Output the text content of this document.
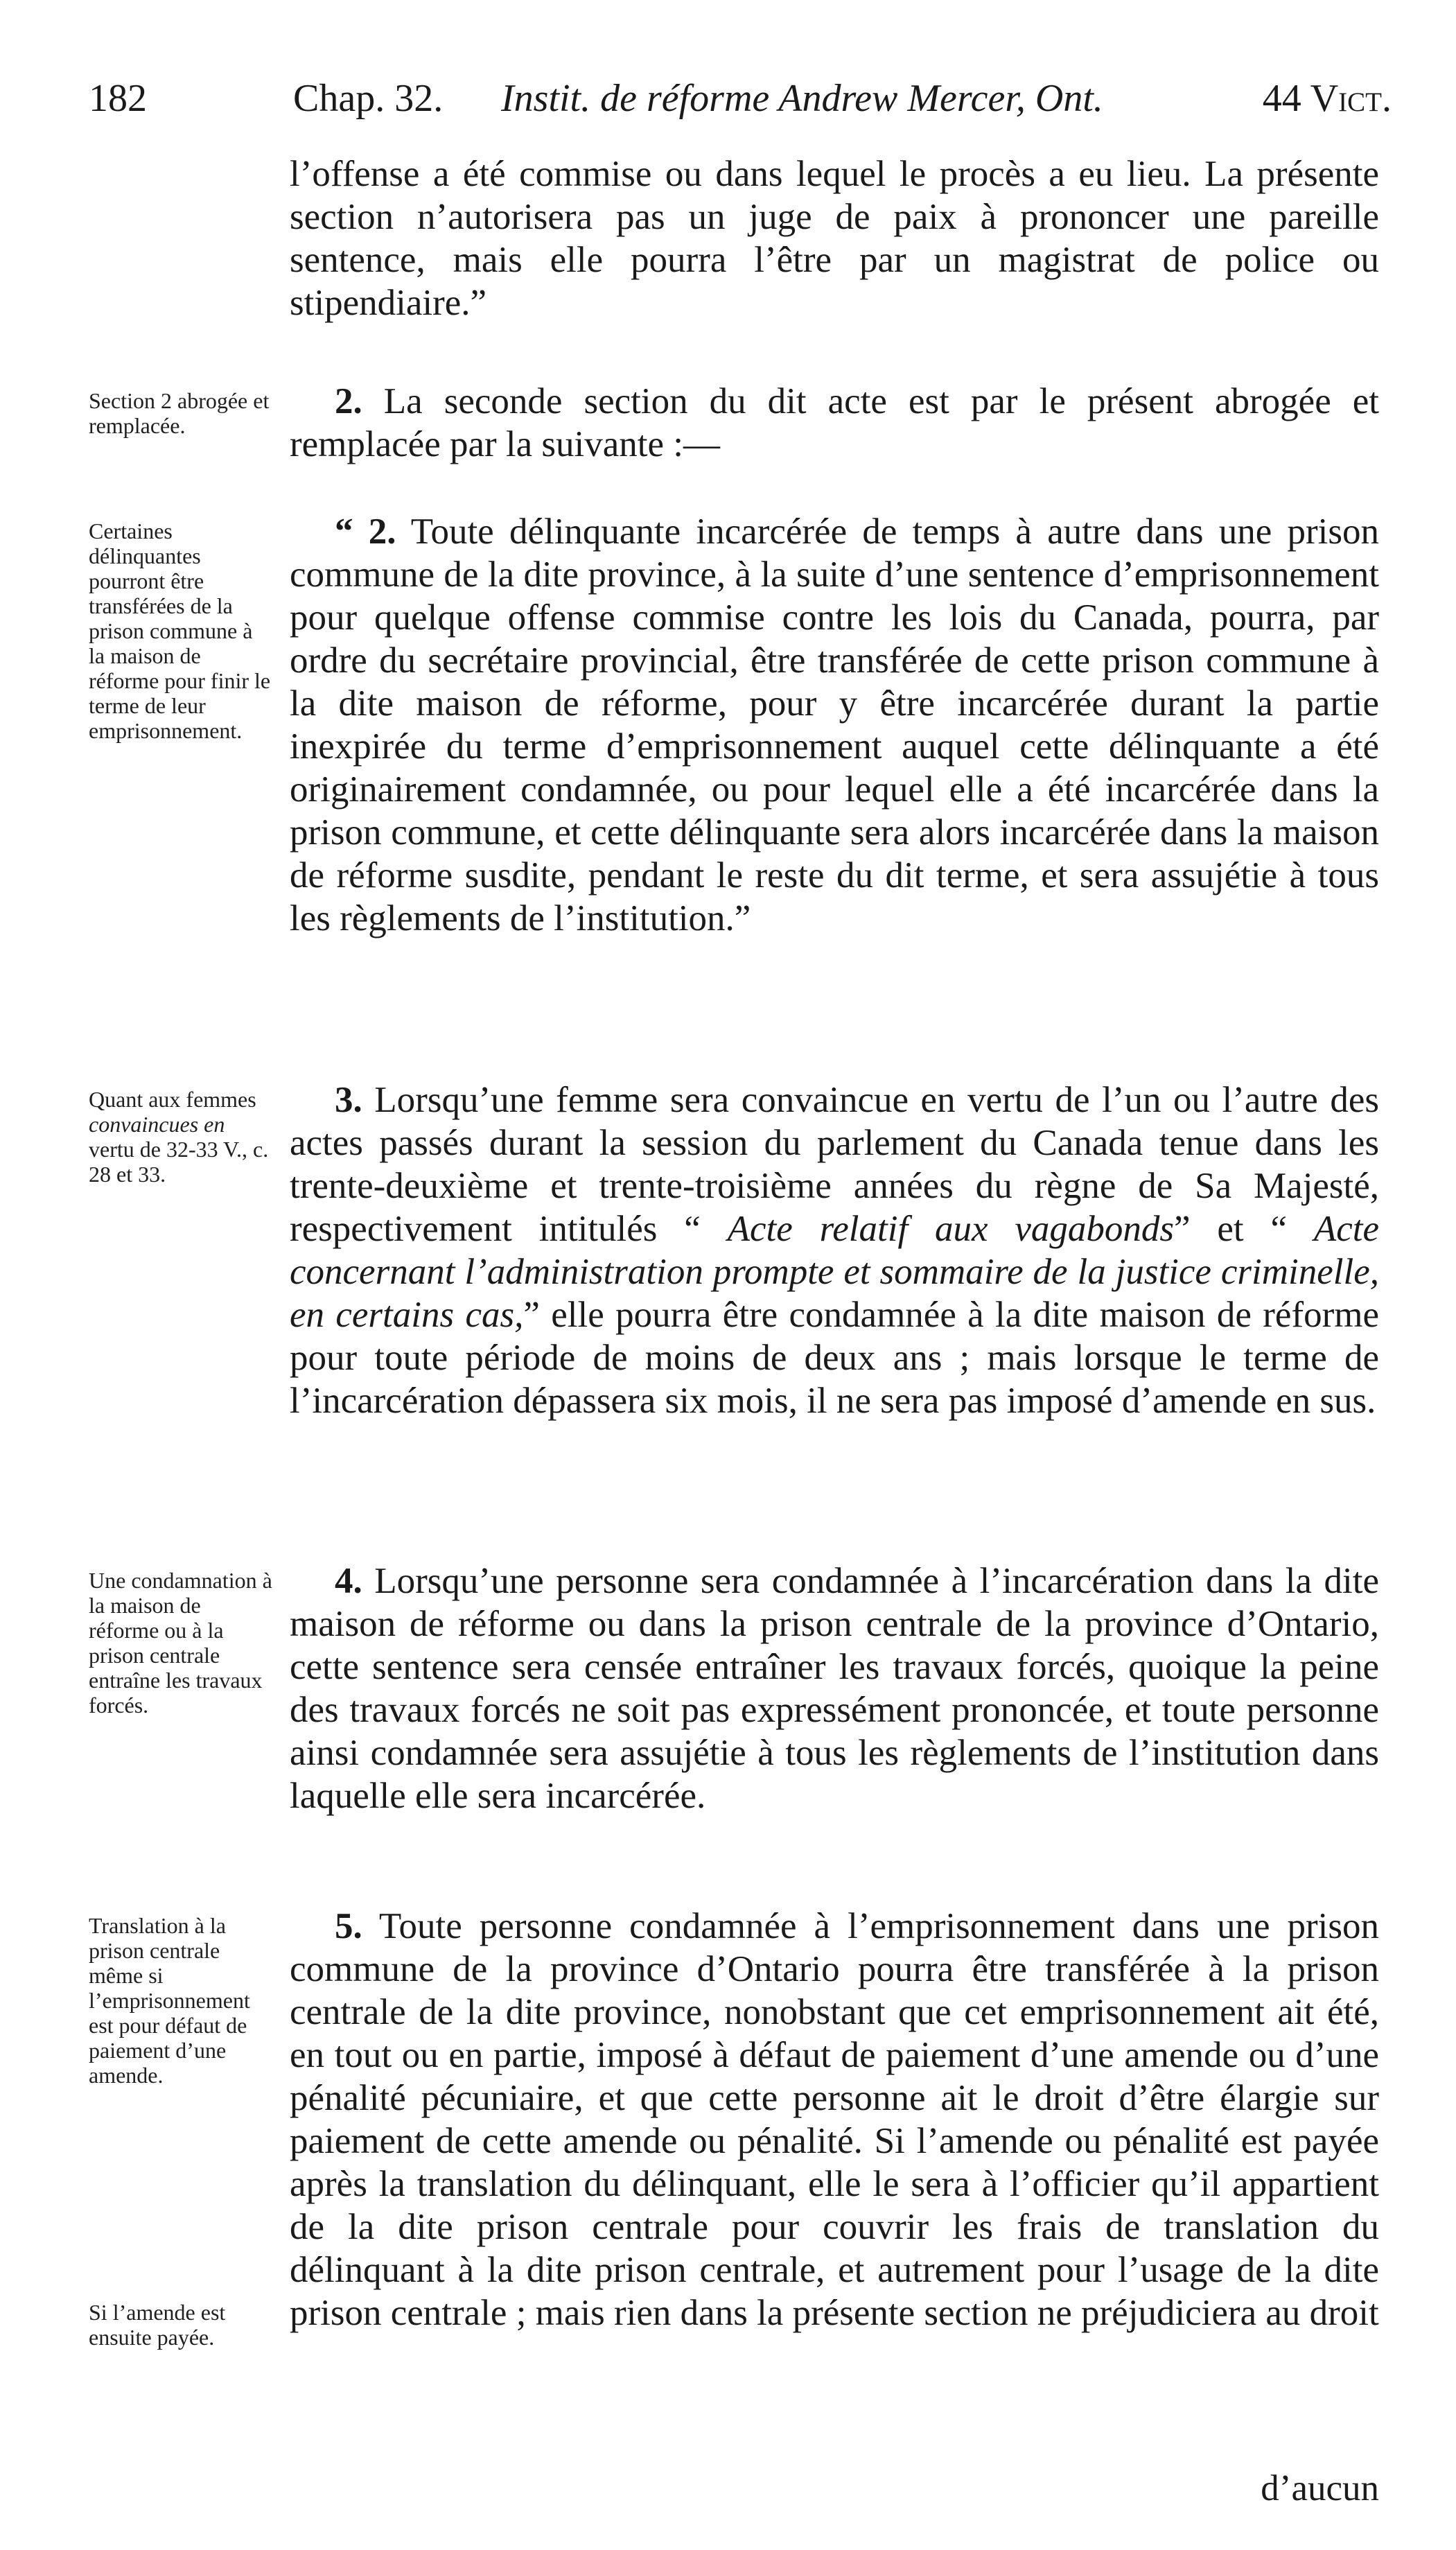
182	Chap. 32. Instit. de réforme Andrew Mercer, Ont.	44 Vict.
l’offense a été commise ou dans lequel le procès a eu lieu. La présente section n’autorisera pas un juge de paix à prononcer une pareille sentence, mais elle pourra l’être par un magistrat de police ou stipendiaire.”
Section 2 abrogée et remplacée.
2. La seconde section du dit acte est par le présent abrogée et remplacée par la suivante :—
Certaines délinquantes pourront être transférées de la prison commune à la maison de réforme pour finir le terme de leur emprisonnement.
“ 2. Toute délinquante incarcérée de temps à autre dans une prison commune de la dite province, à la suite d’une sentence d’emprisonnement pour quelque offense commise contre les lois du Canada, pourra, par ordre du secrétaire provincial, être transférée de cette prison commune à la dite maison de réforme, pour y être incarcérée durant la partie inexpirée du terme d’emprisonnement auquel cette délinquante a été originairement condamnée, ou pour lequel elle a été incarcérée dans la prison commune, et cette délinquante sera alors incarcérée dans la maison de réforme susdite, pendant le reste du dit terme, et sera assujétie à tous les règlements de l’institution.”
Quant aux femmes convaincues en vertu de 32-33 V., c. 28 et 33.
3. Lorsqu’une femme sera convaincue en vertu de l’un ou l’autre des actes passés durant la session du parlement du Canada tenue dans les trente-deuxième et trente-troisième années du règne de Sa Majesté, respectivement intitulés “ Acte relatif aux vagabonds” et “ Acte concernant l’administration prompte et sommaire de la justice criminelle, en certains cas,” elle pourra être condamnée à la dite maison de réforme pour toute période de moins de deux ans ; mais lorsque le terme de l’incarcération dépassera six mois, il ne sera pas imposé d’amende en sus.
Une condamnation à la maison de réforme ou à la prison centrale entraîne les travaux forcés.
4. Lorsqu’une personne sera condamnée à l’incarcération dans la dite maison de réforme ou dans la prison centrale de la province d’Ontario, cette sentence sera censée entraîner les travaux forcés, quoique la peine des travaux forcés ne soit pas expressément prononcée, et toute personne ainsi condamnée sera assujétie à tous les règlements de l’institution dans laquelle elle sera incarcérée.
Translation à la prison centrale même si l’emprisonnement est pour défaut de paiement d’une amende.
Si l’amende est ensuite payée.
5. Toute personne condamnée à l’emprisonnement dans une prison commune de la province d’Ontario pourra être transférée à la prison centrale de la dite province, nonobstant que cet emprisonnement ait été, en tout ou en partie, imposé à défaut de paiement d’une amende ou d’une pénalité pécuniaire, et que cette personne ait le droit d’être élargie sur paiement de cette amende ou pénalité. Si l’amende ou pénalité est payée après la translation du délinquant, elle le sera à l’officier qu’il appartient de la dite prison centrale pour couvrir les frais de translation du délinquant à la dite prison centrale, et autrement pour l’usage de la dite prison centrale ; mais rien dans la présente section ne préjudiciera au droit
d’aucun
